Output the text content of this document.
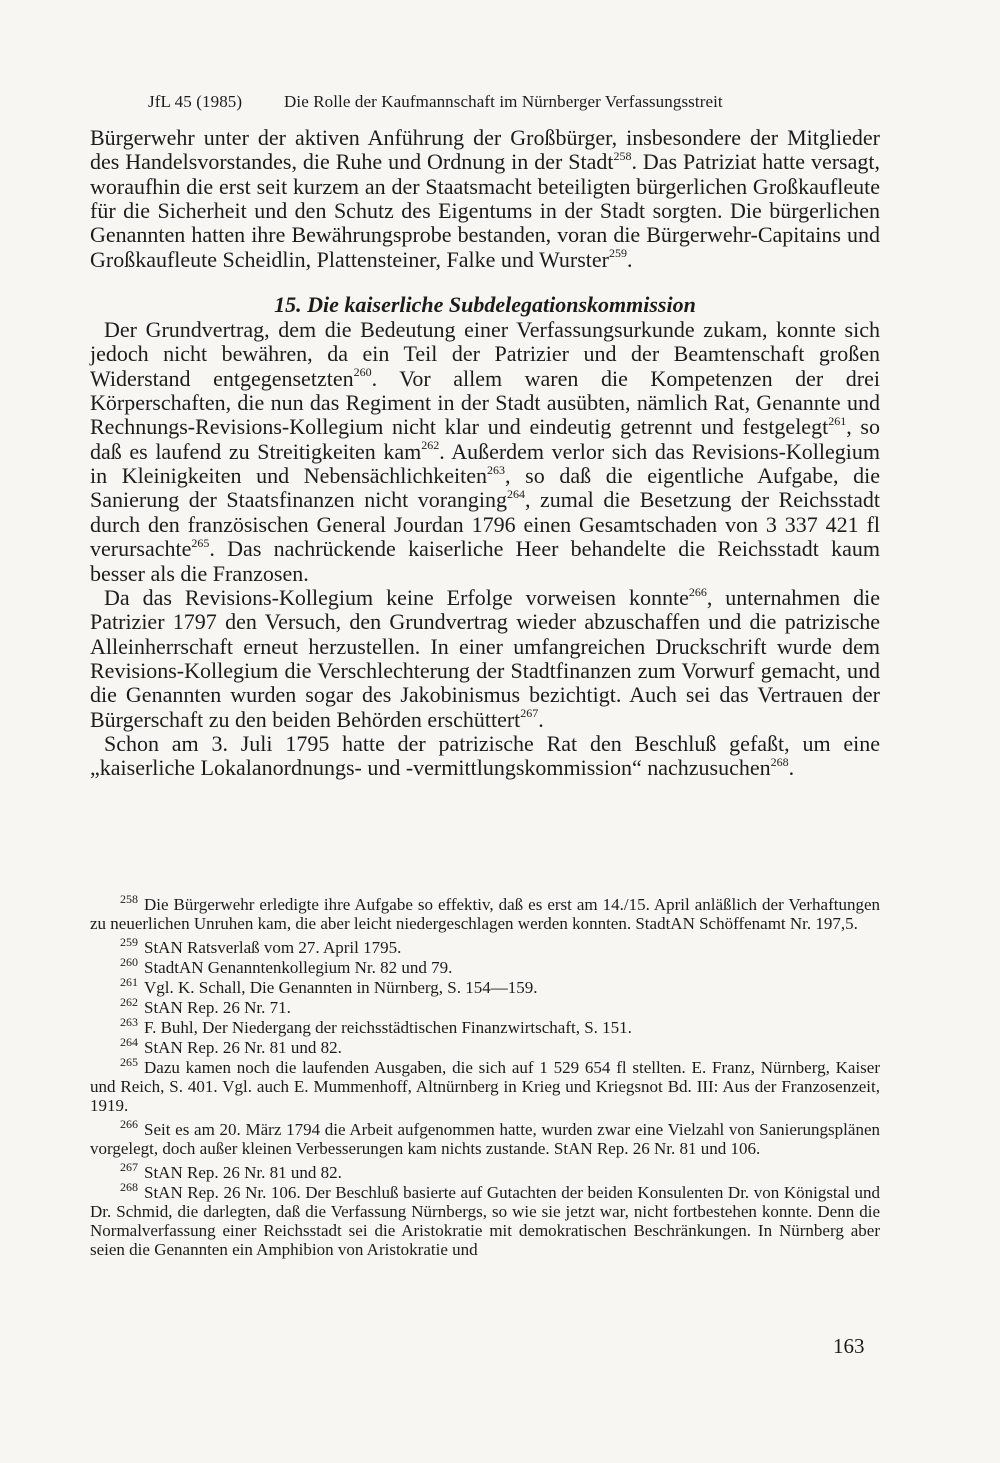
JfL 45 (1985) Die Rolle der Kaufmannschaft im Nürnberger Verfassungsstreit

Bürgerwehr unter der aktiven Anführung der Großbürger, insbesondere der Mitglieder des Handelsvorstandes, die Ruhe und Ordnung in der Stadt$^{258}$. Das Patriziat hatte versagt, woraufhin die erst seit kurzem an der Staatsmacht beteiligten bürgerlichen Großkaufleute für die Sicherheit und den Schutz des Eigentums in der Stadt sorgten. Die bürgerlichen Genannten hatten ihre Bewährungsprobe bestanden, voran die Bürgerwehr-Capitains und Großkaufleute Scheidlin, Plattensteiner, Falke und Wurster$^{259}$.

15. Die kaiserliche Subdelegationskommission

Der Grundvertrag, dem die Bedeutung einer Verfassungsurkunde zukam, konnte sich jedoch nicht bewähren, da ein Teil der Patrizier und der Beamtenschaft großen Widerstand entgegensetzten$^{260}$. Vor allem waren die Kompetenzen der drei Körperschaften, die nun das Regiment in der Stadt ausübten, nämlich Rat, Genannte und Rechnungs-Revisions-Kollegium nicht klar und eindeutig getrennt und festgelegt$^{261}$, so daß es laufend zu Streitigkeiten kam$^{262}$. Außerdem verlor sich das Revisions-Kollegium in Kleinigkeiten und Nebensächlichkeiten$^{263}$, so daß die eigentliche Aufgabe, die Sanierung der Staatsfinanzen nicht voranging$^{264}$, zumal die Besetzung der Reichsstadt durch den französischen General Jourdan 1796 einen Gesamtschaden von 3 337 421 fl verursachte$^{265}$. Das nachrückende kaiserliche Heer behandelte die Reichsstadt kaum besser als die Franzosen.

Da das Revisions-Kollegium keine Erfolge vorweisen konnte$^{266}$, unternahmen die Patrizier 1797 den Versuch, den Grundvertrag wieder abzuschaffen und die patrizische Alleinherrschaft erneut herzustellen. In einer umfangreichen Druckschrift wurde dem Revisions-Kollegium die Verschlechterung der Stadtfinanzen zum Vorwurf gemacht, und die Genannten wurden sogar des Jakobinismus bezichtigt. Auch sei das Vertrauen der Bürgerschaft zu den beiden Behörden erschüttert$^{267}$.

Schon am 3. Juli 1795 hatte der patrizische Rat den Beschluß gefaßt, um eine „kaiserliche Lokalanordnungs- und -vermittlungskommission“ nachzusuchen$^{268}$.

$^{258}$ Die Bürgerwehr erledigte ihre Aufgabe so effektiv, daß es erst am 14./15. April anläßlich der Verhaftungen zu neuerlichen Unruhen kam, die aber leicht niedergeschlagen werden konnten. StadtAN Schöffenamt Nr. 197,5.

$^{259}$ StAN Ratsverlaß vom 27. April 1795.

$^{260}$ StadtAN Genanntenkollegium Nr. 82 und 79.

$^{261}$ Vgl. K. Schall, Die Genannten in Nürnberg, S. 154—159.

$^{262}$ StAN Rep. 26 Nr. 71.

$^{263}$ F. Buhl, Der Niedergang der reichsstädtischen Finanzwirtschaft, S. 151.

$^{264}$ StAN Rep. 26 Nr. 81 und 82.

$^{265}$ Dazu kamen noch die laufenden Ausgaben, die sich auf 1 529 654 fl stellten. E. Franz, Nürnberg, Kaiser und Reich, S. 401. Vgl. auch E. Mummenhoff, Altnürnberg in Krieg und Kriegsnot Bd. III: Aus der Franzosenzeit, 1919.

$^{266}$ Seit es am 20. März 1794 die Arbeit aufgenommen hatte, wurden zwar eine Vielzahl von Sanierungsplänen vorgelegt, doch außer kleinen Verbesserungen kam nichts zustande. StAN Rep. 26 Nr. 81 und 106.

$^{267}$ StAN Rep. 26 Nr. 81 und 82.

$^{268}$ StAN Rep. 26 Nr. 106. Der Beschluß basierte auf Gutachten der beiden Konsulenten Dr. von Königstal und Dr. Schmid, die darlegten, daß die Verfassung Nürnbergs, so wie sie jetzt war, nicht fortbestehen konnte. Denn die Normalverfassung einer Reichsstadt sei die Aristokratie mit demokratischen Beschränkungen. In Nürnberg aber seien die Genannten ein Amphibion von Aristokratie und

163
